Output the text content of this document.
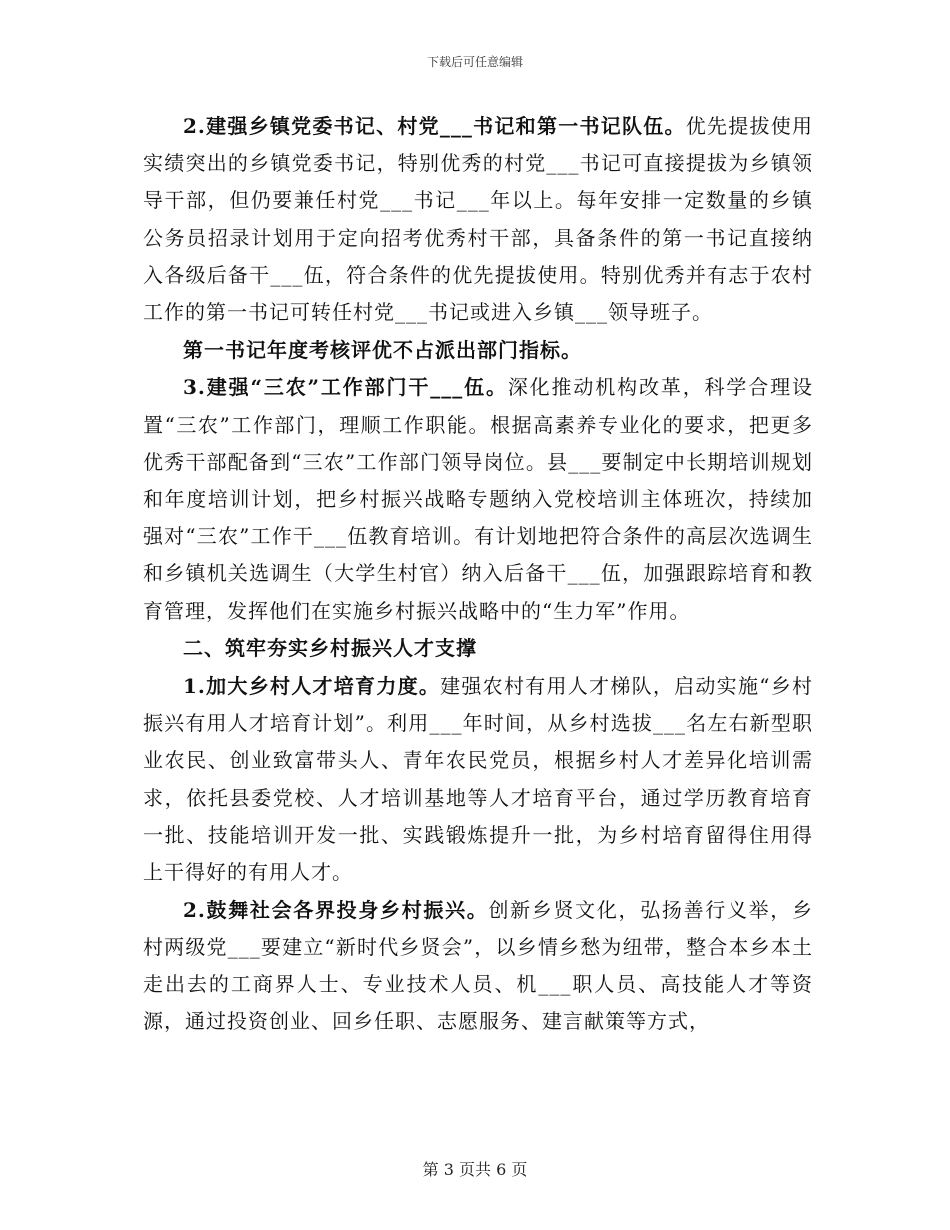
下载后可任意编辑

2.建强乡镇党委书记、村党___书记和第一书记队伍。优先提拔使用实绩突出的乡镇党委书记，特别优秀的村党___书记可直接提拔为乡镇领导干部，但仍要兼任村党___书记___年以上。每年安排一定数量的乡镇公务员招录计划用于定向招考优秀村干部，具备条件的第一书记直接纳入各级后备干___伍，符合条件的优先提拔使用。特别优秀并有志于农村工作的第一书记可转任村党___书记或进入乡镇___领导班子。

第一书记年度考核评优不占派出部门指标。

3.建强“三农”工作部门干___伍。深化推动机构改革，科学合理设置“三农”工作部门，理顺工作职能。根据高素养专业化的要求，把更多优秀干部配备到“三农”工作部门领导岗位。县___要制定中长期培训规划和年度培训计划，把乡村振兴战略专题纳入党校培训主体班次，持续加强对“三农”工作干___伍教育培训。有计划地把符合条件的高层次选调生和乡镇机关选调生（大学生村官）纳入后备干___伍，加强跟踪培育和教育管理，发挥他们在实施乡村振兴战略中的“生力军”作用。

二、筑牢夯实乡村振兴人才支撑

1.加大乡村人才培育力度。建强农村有用人才梯队，启动实施“乡村振兴有用人才培育计划”。利用___年时间，从乡村选拔___名左右新型职业农民、创业致富带头人、青年农民党员，根据乡村人才差异化培训需求，依托县委党校、人才培训基地等人才培育平台，通过学历教育培育一批、技能培训开发一批、实践锻炼提升一批，为乡村培育留得住用得上干得好的有用人才。

2.鼓舞社会各界投身乡村振兴。创新乡贤文化，弘扬善行义举，乡村两级党___要建立“新时代乡贤会”，以乡情乡愁为纽带，整合本乡本土走出去的工商界人士、专业技术人员、机___职人员、高技能人才等资源，通过投资创业、回乡任职、志愿服务、建言献策等方式，

第 3 页共 6 页
